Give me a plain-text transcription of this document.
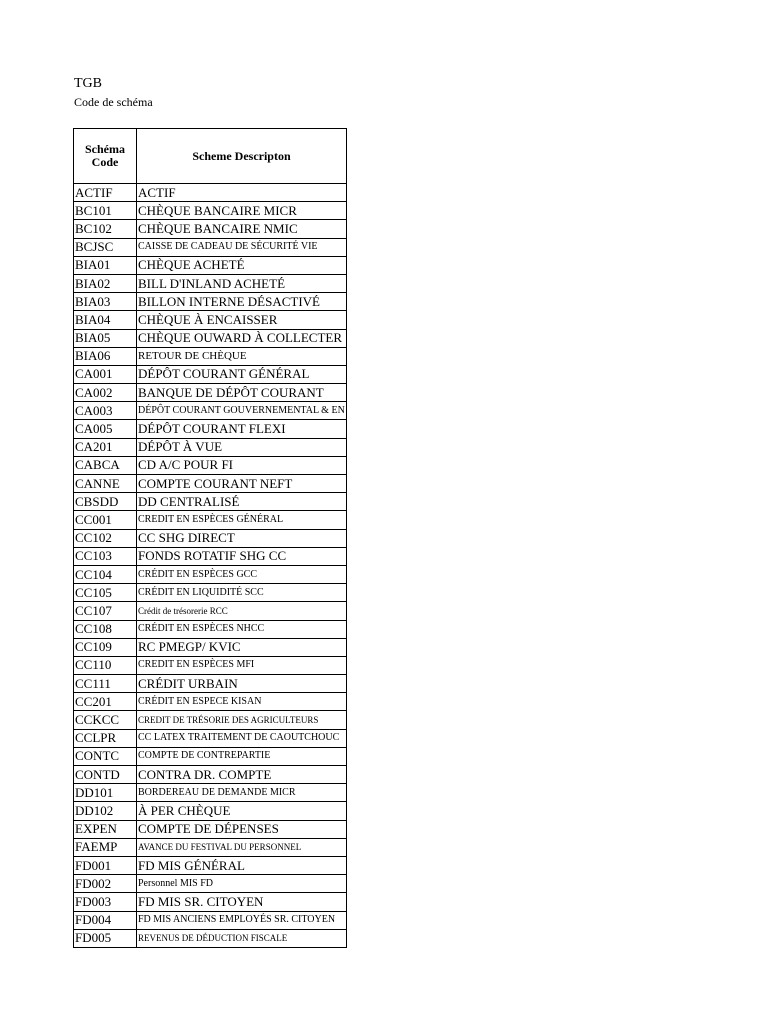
TGB
Code de schéma
Schéma Code	Scheme Descripton
ACTIF	ACTIF
BC101	CHÈQUE BANCAIRE MICR
BC102	CHÈQUE BANCAIRE NMIC
BCJSC	CAISSE DE CADEAU DE SÉCURITÉ VIE
BIA01	CHÈQUE ACHETÉ
BIA02	BILL D'INLAND ACHETÉ
BIA03	BILLON INTERNE DÉSACTIVÉ
BIA04	CHÈQUE À ENCAISSER
BIA05	CHÈQUE OUWARD À COLLECTER
BIA06	RETOUR DE CHÈQUE
CA001	DÉPÔT COURANT GÉNÉRAL
CA002	BANQUE DE DÉPÔT COURANT
CA003	DÉPÔT COURANT GOUVERNEMENTAL & EN
CA005	DÉPÔT COURANT FLEXI
CA201	DÉPÔT À VUE
CABCA	CD A/C POUR FI
CANNE	COMPTE COURANT NEFT
CBSDD	DD CENTRALISÉ
CC001	CREDIT EN ESPÈCES GÉNÉRAL
CC102	CC SHG DIRECT
CC103	FONDS ROTATIF SHG CC
CC104	CRÉDIT EN ESPÈCES GCC
CC105	CRÉDIT EN LIQUIDITÉ SCC
CC107	Crédit de trésorerie RCC
CC108	CRÉDIT EN ESPÈCES NHCC
CC109	RC PMEGP/ KVIC
CC110	CREDIT EN ESPÈCES MFI
CC111	CRÉDIT URBAIN
CC201	CRÉDIT EN ESPECE KISAN
CCKCC	CREDIT DE TRÉSORIE DES AGRICULTEURS
CCLPR	CC LATEX TRAITEMENT DE CAOUTCHOUC
CONTC	COMPTE DE CONTREPARTIE
CONTD	CONTRA DR. COMPTE
DD101	BORDEREAU DE DEMANDE MICR
DD102	À PER CHÈQUE
EXPEN	COMPTE DE DÉPENSES
FAEMP	AVANCE DU FESTIVAL DU PERSONNEL
FD001	FD MIS GÉNÉRAL
FD002	Personnel MIS FD
FD003	FD MIS SR. CITOYEN
FD004	FD MIS ANCIENS EMPLOYÉS SR. CITOYEN
FD005	REVENUS DE DÉDUCTION FISCALE
